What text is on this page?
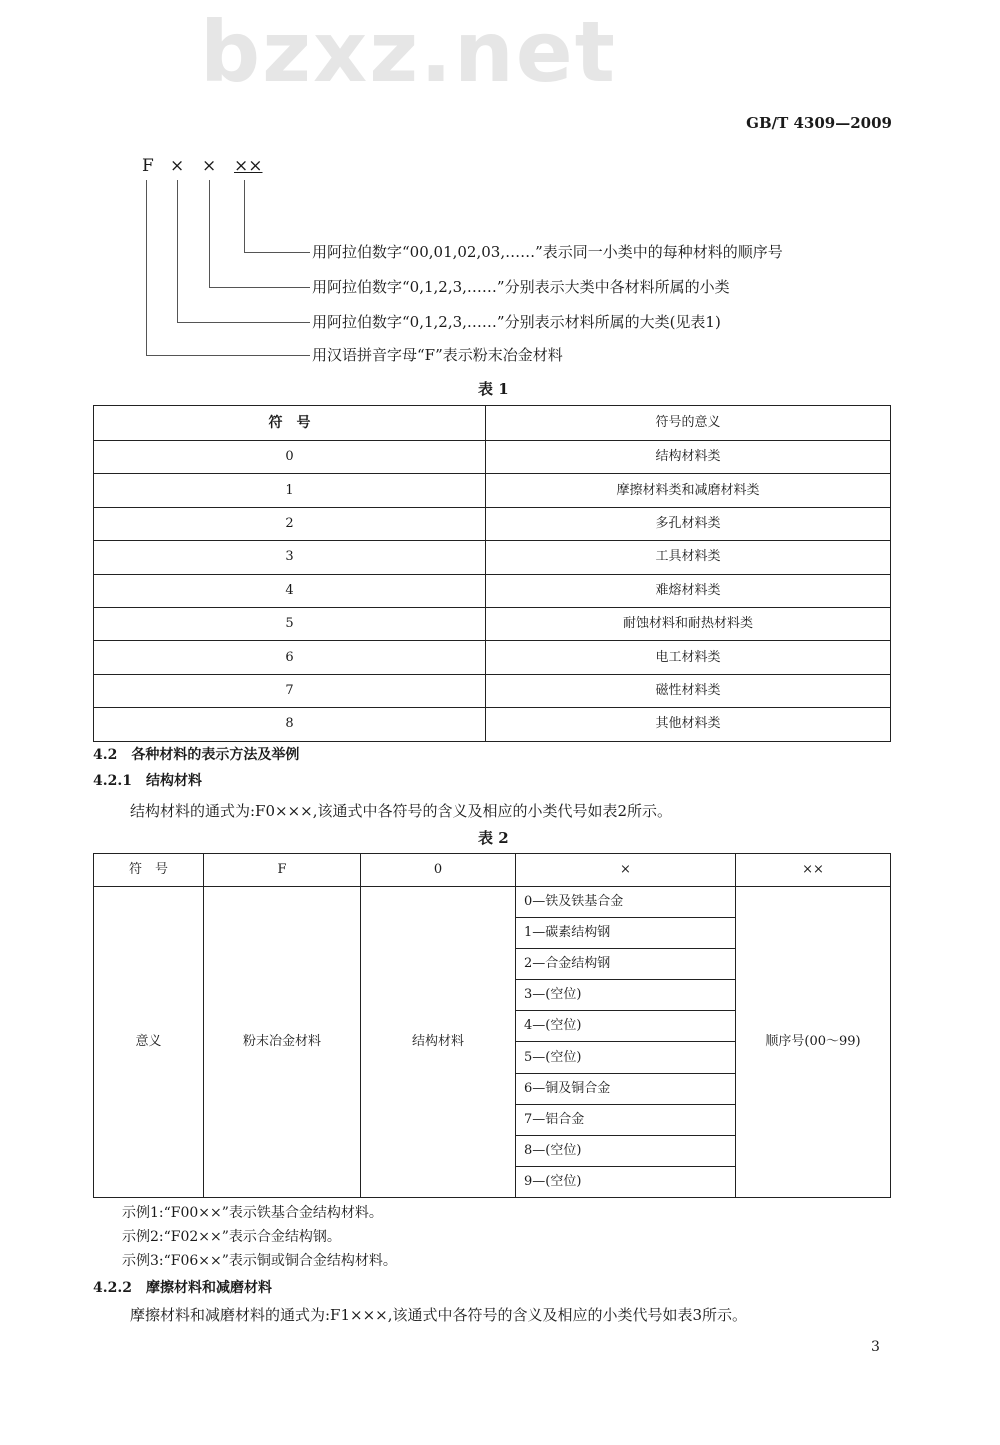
bzxz.net
GB/T 4309—2009
F × × ××
用阿拉伯数字“00,01,02,03,……”表示同一小类中的每种材料的顺序号
用阿拉伯数字“0,1,2,3,……”分别表示大类中各材料所属的小类
用阿拉伯数字“0,1,2,3,……”分别表示材料所属的大类(见表1)
用汉语拼音字母“F”表示粉末冶金材料
表 1
符　号	符号的意义
0	结构材料类
1	摩擦材料类和减磨材料类
2	多孔材料类
3	工具材料类
4	难熔材料类
5	耐蚀材料和耐热材料类
6	电工材料类
7	磁性材料类
8	其他材料类
4.2　各种材料的表示方法及举例
4.2.1　结构材料
结构材料的通式为:F0×××,该通式中各符号的含义及相应的小类代号如表2所示。
表 2
符　号	F	0	×	××
意义	粉末冶金材料	结构材料	0—铁及铁基合金	顺序号(00～99)
			1—碳素结构钢	
			2—合金结构钢	
			3—(空位)	
			4—(空位)	
			5—(空位)	
			6—铜及铜合金	
			7—铝合金	
			8—(空位)	
			9—(空位)	
示例1:“F00××”表示铁基合金结构材料。
示例2:“F02××”表示合金结构钢。
示例3:“F06××”表示铜或铜合金结构材料。
4.2.2　摩擦材料和减磨材料
摩擦材料和减磨材料的通式为:F1×××,该通式中各符号的含义及相应的小类代号如表3所示。
3
